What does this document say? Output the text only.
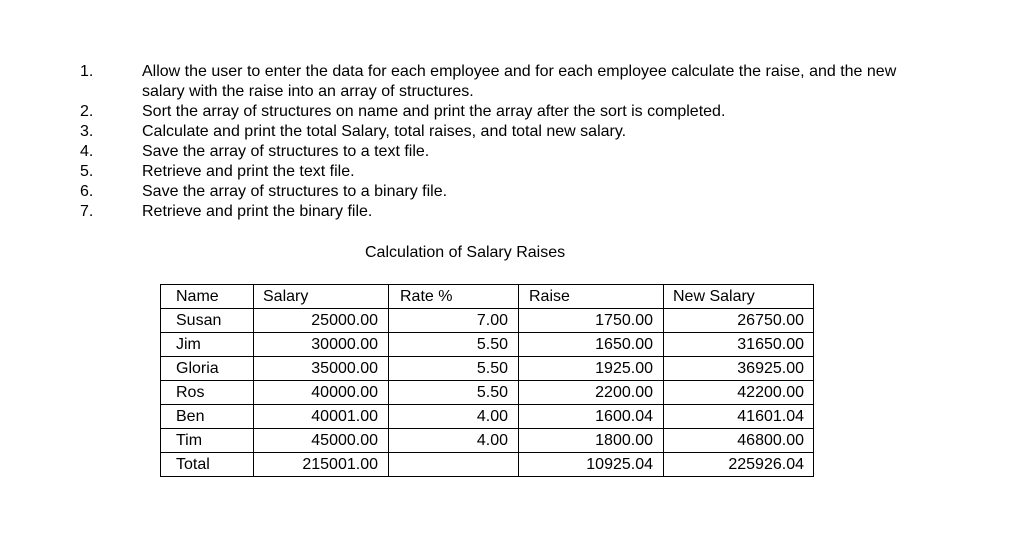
1.	Allow the user to enter the data for each employee and for each employee calculate the raise, and the new salary with the raise into an array of structures.
2.	Sort the array of structures on name and print the array after the sort is completed.
3.	Calculate and print the total Salary, total raises, and total new salary.
4.	Save the array of structures to a text file.
5.	Retrieve and print the text file.
6.	Save the array of structures to a binary file.
7.	Retrieve and print the binary file.
Calculation of Salary Raises
Name	Salary	Rate %	Raise	New Salary
Susan	25000.00	7.00	1750.00	26750.00
Jim	30000.00	5.50	1650.00	31650.00
Gloria	35000.00	5.50	1925.00	36925.00
Ros	40000.00	5.50	2200.00	42200.00
Ben	40001.00	4.00	1600.04	41601.04
Tim	45000.00	4.00	1800.00	46800.00
Total	215001.00		10925.04	225926.04
